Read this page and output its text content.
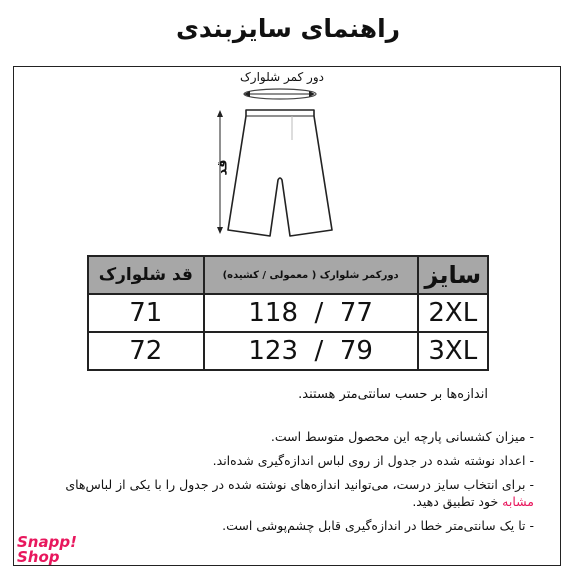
راهنمای سایزبندی
دور کمر شلوارک
قد
سایز	دورکمر شلوارک ( معمولی / کشیده)	قد شلوارک
2XL	118  /  77	71
3XL	123  /  79	72
اندازه‌ها بر حسب سانتی‌متر هستند.
- میزان کشسانی پارچه این محصول متوسط است.
- اعداد نوشته شده در جدول از روی لباس اندازه‌گیری شده‌اند.
- برای انتخاب سایز درست، می‌توانید اندازه‌های نوشته شده در جدول را با یکی از لباس‌های
مشابه خود تطبیق دهید.
- تا یک سانتی‌متر خطا در اندازه‌گیری قابل چشم‌پوشی است.
Snapp!
Shop
